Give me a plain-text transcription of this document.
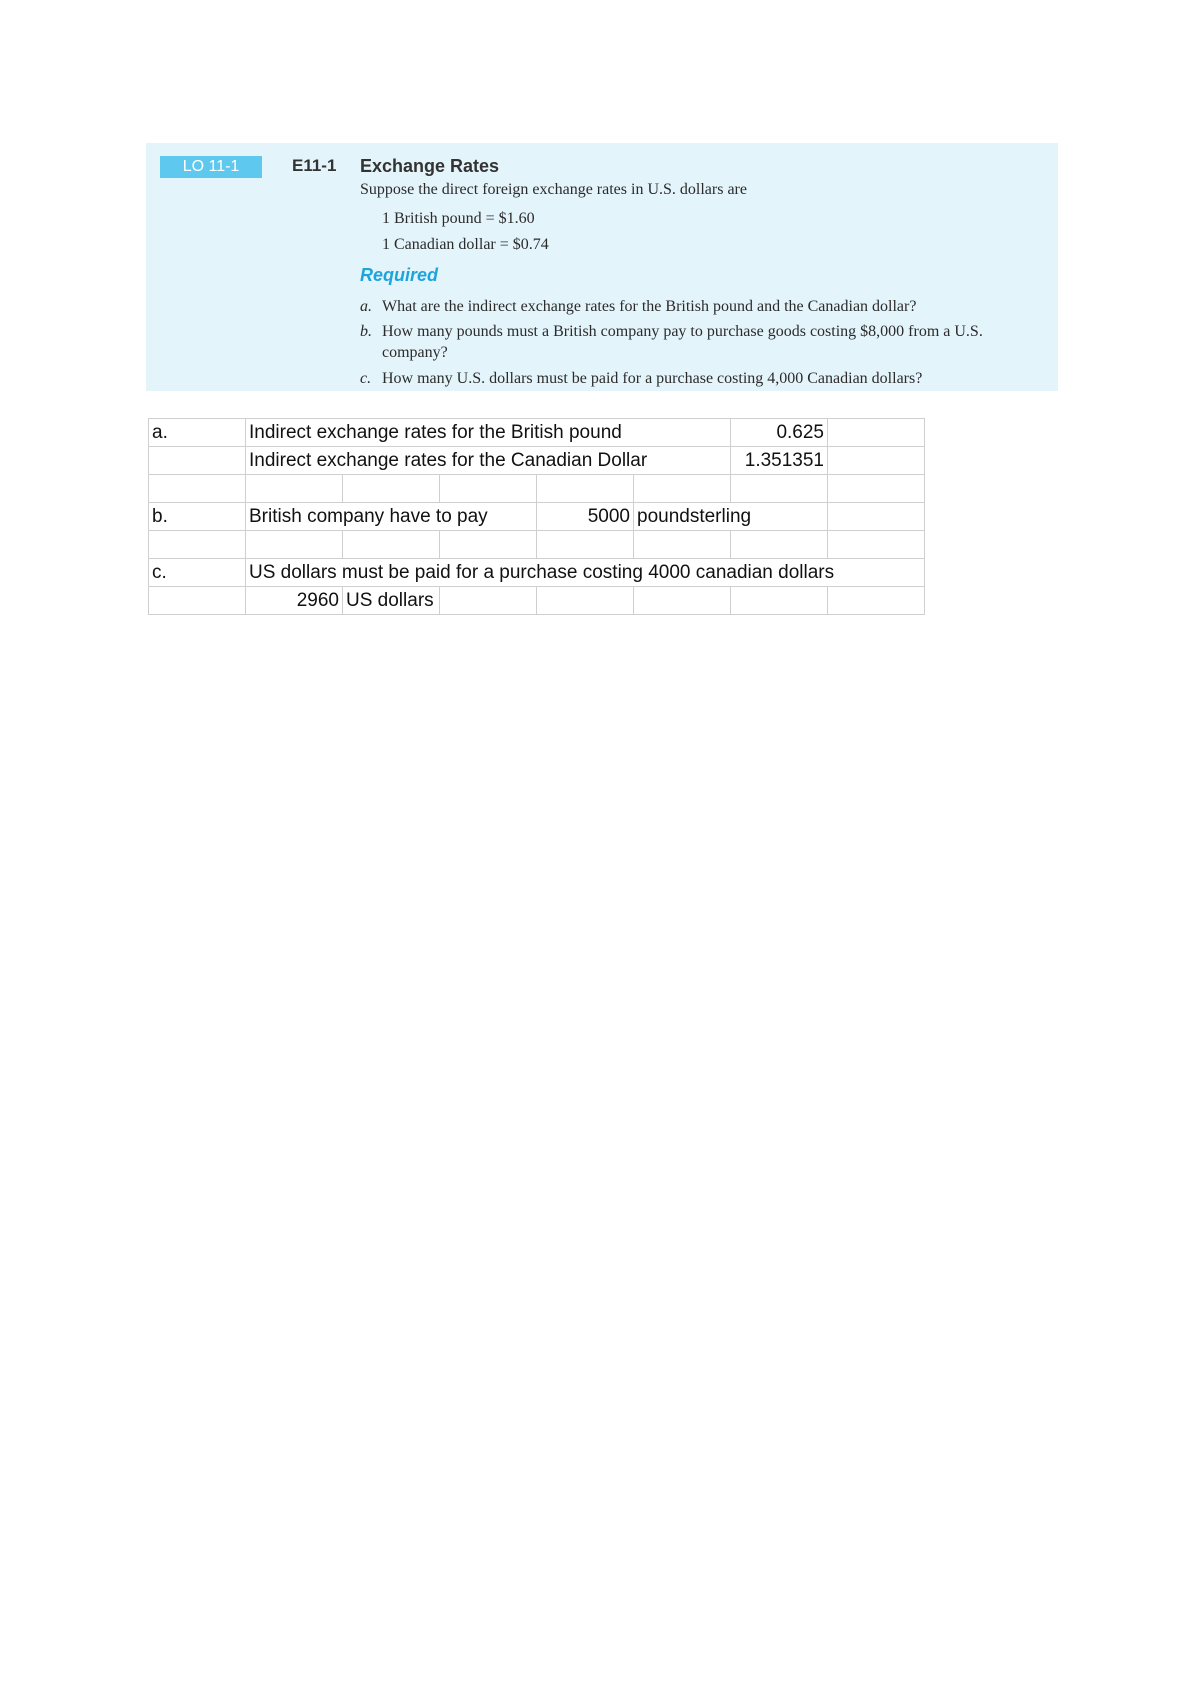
LO 11-1	E11-1 Exchange Rates
Suppose the direct foreign exchange rates in U.S. dollars are
1 British pound = $1.60
1 Canadian dollar = $0.74
Required
a. What are the indirect exchange rates for the British pound and the Canadian dollar?
b. How many pounds must a British company pay to purchase goods costing $8,000 from a U.S.
company?
c. How many U.S. dollars must be paid for a purchase costing 4,000 Canadian dollars?
a.	Indirect exchange rates for the British pound					0.625	
	Indirect exchange rates for the Canadian Dollar					1.351351	

b.	British company have to pay			5000	poundsterling		

c.	US dollars must be paid for a purchase costing 4000 canadian dollars						
	2960	US dollars					
